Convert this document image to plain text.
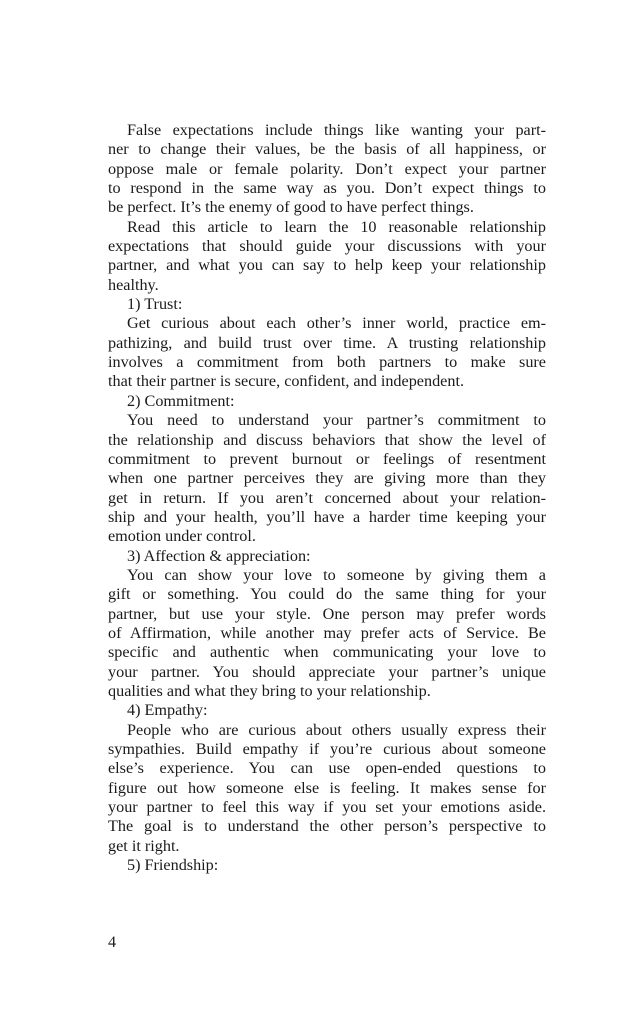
False expectations include things like wanting your part-
ner to change their values, be the basis of all happiness, or
oppose male or female polarity. Don’t expect your partner
to respond in the same way as you. Don’t expect things to
be perfect. It’s the enemy of good to have perfect things.
Read this article to learn the 10 reasonable relationship
expectations that should guide your discussions with your
partner, and what you can say to help keep your relationship
healthy.
1) Trust:
Get curious about each other’s inner world, practice em-
pathizing, and build trust over time. A trusting relationship
involves a commitment from both partners to make sure
that their partner is secure, confident, and independent.
2) Commitment:
You need to understand your partner’s commitment to
the relationship and discuss behaviors that show the level of
commitment to prevent burnout or feelings of resentment
when one partner perceives they are giving more than they
get in return. If you aren’t concerned about your relation-
ship and your health, you’ll have a harder time keeping your
emotion under control.
3) Affection & appreciation:
You can show your love to someone by giving them a
gift or something. You could do the same thing for your
partner, but use your style. One person may prefer words
of Affirmation, while another may prefer acts of Service. Be
specific and authentic when communicating your love to
your partner. You should appreciate your partner’s unique
qualities and what they bring to your relationship.
4) Empathy:
People who are curious about others usually express their
sympathies. Build empathy if you’re curious about someone
else’s experience. You can use open-ended questions to
figure out how someone else is feeling. It makes sense for
your partner to feel this way if you set your emotions aside.
The goal is to understand the other person’s perspective to
get it right.
5) Friendship:
4
